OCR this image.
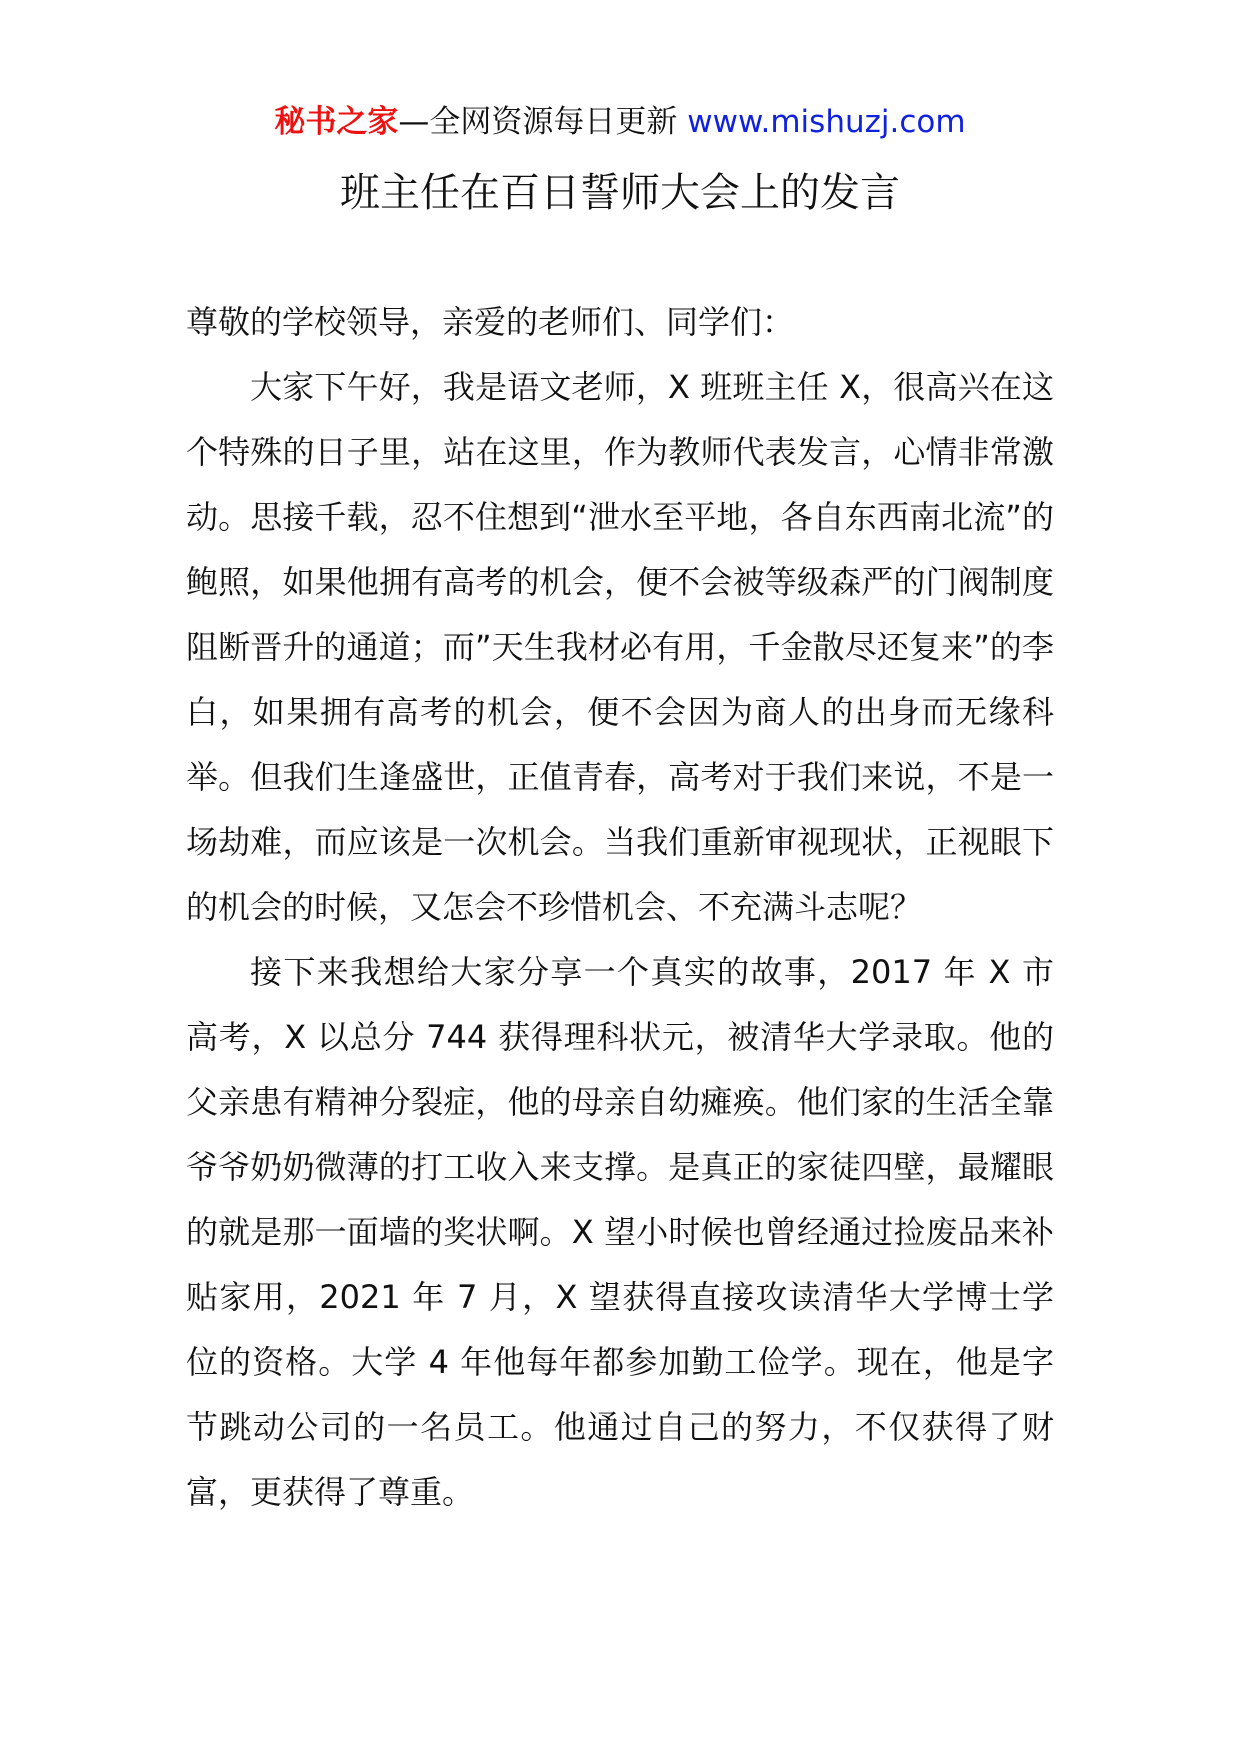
秘书之家—全网资源每日更新 www.mishuzj.com
班主任在百日誓师大会上的发言

尊敬的学校领导，亲爱的老师们、同学们：

大家下午好，我是语文老师，X 班班主任 X，很高兴在这个特殊的日子里，站在这里，作为教师代表发言，心情非常激动。思接千载，忍不住想到“泄水至平地，各自东西南北流”的鲍照，如果他拥有高考的机会，便不会被等级森严的门阀制度阻断晋升的通道；而”天生我材必有用，千金散尽还复来”的李白，如果拥有高考的机会，便不会因为商人的出身而无缘科举。但我们生逢盛世，正值青春，高考对于我们来说，不是一场劫难，而应该是一次机会。当我们重新审视现状，正视眼下的机会的时候，又怎会不珍惜机会、不充满斗志呢？

接下来我想给大家分享一个真实的故事，2017 年 X 市高考，X 以总分 744 获得理科状元，被清华大学录取。他的父亲患有精神分裂症，他的母亲自幼瘫痪。他们家的生活全靠爷爷奶奶微薄的打工收入来支撑。是真正的家徒四壁，最耀眼的就是那一面墙的奖状啊。X 望小时候也曾经通过捡废品来补贴家用，2021 年 7 月，X 望获得直接攻读清华大学博士学位的资格。大学 4 年他每年都参加勤工俭学。现在，他是字节跳动公司的一名员工。他通过自己的努力，不仅获得了财富，更获得了尊重。
